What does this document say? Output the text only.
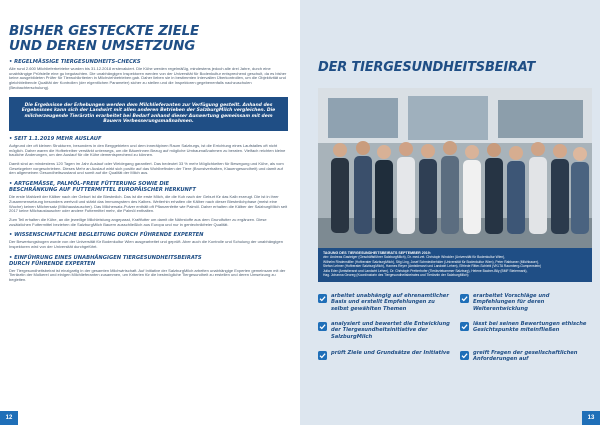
BISHER GESTECKTE ZIELE
UND DEREN UMSETZUNG
• REGELMÄSSIGE TIERGESUNDHEITS-CHECKS
Alle rund 2.600 Milchlieferbetriebe wurden bis 31.12.2018 erstevaluiert. Die Kühe werden regelmäßig, mindestens jedoch alle drei Jahre, durch eine unabhängige Prüfstelle eine gu begutachten. Die unabhängigen Inspektoren werden von der Universität für Bodenkultur entsprechend geschult, da es bisher keine ausgebildeten Prüfer für Tierwohlkriterien in Milchviehbetrieben gab. Daher lieben sie in bestimmten Intervallen Überkontrollen, um die Objektivität und gleichbleibende Qualität der Kontrollen (der eigentlichen Parameter) sicher zu stellen und die Inspektoren gegebenenfalls nachzuschulen (Beobachterschulung).
Die Ergebnisse der Erhebungen werden dem Milchlieferanten zur Verfügung gestellt. Anhand des Ergebnisses kann sich der Landwirt mit allen anderen Betrieben der SalzburgMilch vergleichen. Die milcherzeugende Tierärztin erarbeitet bei Bedarf anhand dieser Auswertung gemeinsam mit dem Bauern Verbesserungsmaßnahmen.
• SEIT 1.1.2019 MEHR AUSLAUF
Aufgrund der oft kleinen Strukturen, besonders in den Berggebieten und dem innerälpinen Raum Salzburgs, ist die Errichtung eines Laufstalles oft nicht möglich. Daher waren die Hofbetreiber verstärkt unterwegs, um die Bäuerinnen Bezug auf mögliche Umbaumaßnahmen zu beraten. Vielfach reichten kleine bauliche Änderungen, um den Auslauf für die Kühe dementsprechend zu können.
Damit sind an mindestens 120 Tagen im Jahr Auslauf oder Weidegang garantiert. Das bedeutet 33 % mehr Möglichkeiten für Bewegung und Kühe, als vom Gesetzgeber vorgeschrieben. Dieses Mehr an Auslauf wirkt sich positiv auf das Wohlbefinden der Tiere (Brunstverhalten, Klauengesundheit) und damit auf den allgemeinen Gesundheitszustand und somit auf die Qualität der Milch aus.
• ARTGEMÄSSE, PALMÖL-FREIE FÜTTERUNG SOWIE DIE
BESCHRÄNKUNG AUF FUTTERMITTEL EUROPÄISCHER HERKUNFT
Die erste Mahlzeit der Kälber nach der Geburt ist die Biestmilch. Das ist die erste Milch, die die Kuh nach der Geburt für das Kalb erzeugt. Die ist in ihrer Zusammensetzung besonders wertvoll und stärkt das Immunsystem des Kalbes. Weiterhin erhalten die Kälber nach dieser Biestmilchphase (meist eine Woche) keinen Milchersatz (Milchaustauscher). Das Milchersatz-Pulver enthält oft Pflanzenfette wie Palmöl. Daher erhalten die Kälber der SalzburgMilch seit 2017 keine Milchaustauscher oder andere Futtermittel mehr, die Palmöl enthalten.
Zum Teil erhalten die Kühe, an die jeweilige Milchleistung angepasst, Kraftfutter um damit die Nährstoffe aus dem Grundfutter zu ergänzen. Diese zusätzlichen Futtermittel beziehen die SalzburgMilch Bauern ausschließlich aus Europa und nur in gentechnikfreier Qualität.
• WISSENSCHAFTLICHE BEGLEITUNG DURCH FÜHRENDE EXPERTEN
Der Bewertungsbogen wurde von der Universität für Bodenkultur Wien ausgearbeitet und geprüft. Aber auch die Kontrolle und Schulung der unabhängigen Inspektoren wird von der Universität durchgeführt.
• EINFÜHRUNG EINES UNABHÄNGIGEN TIERGESUNDHEITSBEIRATS
DURCH FÜHRENDE EXPERTEN
Der Tiergesundheitsbeirat ist einzigartig in der gesamten Milchwirtschaft. Auf Initiative der SalzburgMilch arbeiten unabhängige Experten gemeinsam mit der Tierärztin der Molkerei und einigen Milchlieferanten zusammen, um Kriterien für die bestmögliche Tiergesundheit zu erstellen und deren Umsetzung zu begleiten.
12
DER TIERGESUNDHEITSBEIRAT
TAGUNG DES TIERGESUNDHEITSBEIRATS SEPTEMBER 2019:
vlnr: Andreas Gasteiger (Geschäftsführer SalzburgMilch), Dr. med.vet. Christoph Winckler (Universität für Bodenkultur Wien),
Wilhelm Rindenstiller (Hofberater SalzburgMilch), Stig Ling, Josef Schmiedbehider (Universität für Bodenkultur Wien), Peter Rabbaner (Milchbauer),
Stefan Lehner (Hofberater SalzburgMilch), Hannes Reyer (Amtstierarzt und Landwirt Lehen), Elfriede Ritter-Schiebl (VKLTA Raumberg-Gumpenstein)
Julia Eder (Amtstierarzt und Landwirt Lehen), Dr. Christoph Pretterhofer (Tierärztekammer Salzburg), Helene Bacher-Bily (BMF Steiermark),
Hag. Johanna Georeg (Koordinatorin des Tiergesundheitsbeirates und Tierärztin der SalzburgMilch)
arbeitet unabhängig auf ehrenamtlicher Basis und erstellt Empfehlungen zu selbst gewählten Themen
erarbeitet Vorschläge und Empfehlungen für deren Weiterentwicklung
analysiert und bewertet die Entwicklung der Tiergesundheitsinitiative der SalzburgMilch
lässt bei seinen Bewertungen ethische Gesichtspunkte miteinfließen
prüft Ziele und Grundsätze der Initiative	greift Fragen der gesellschaftlichen Anforderungen auf
13
